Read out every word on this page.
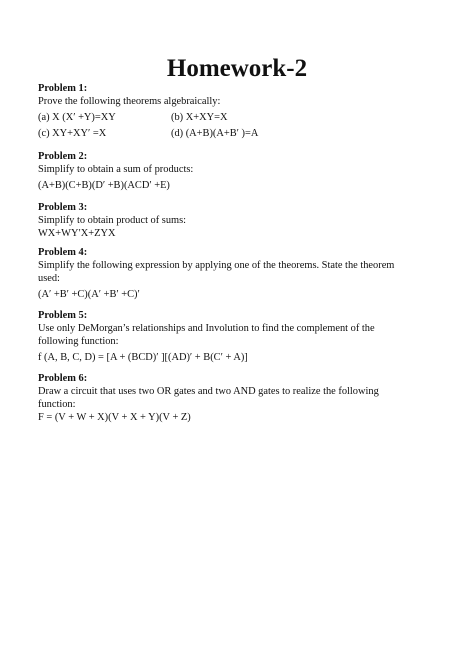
Homework-2
Problem 1:
Prove the following theorems algebraically:
(a) X (X′ +Y)=XY	(b) X+XY=X
(c) XY+XY′ =X	(d) (A+B)(A+B′ )=A
Problem 2:
Simplify to obtain a sum of products:
(A+B)(C+B)(D′ +B)(ACD′ +E)
Problem 3:
Simplify to obtain product of sums:
WX+WY′X+ZYX
Problem 4:
Simplify the following expression by applying one of the theorems. State the theorem
used:
(A′ +B′ +C)(A′ +B′ +C)′
Problem 5:
Use only DeMorgan’s relationships and Involution to find the complement of the
following function:
f (A, B, C, D) = [A + (BCD)′ ][(AD)′ + B(C′ + A)]
Problem 6:
Draw a circuit that uses two OR gates and two AND gates to realize the following
function:
F = (V + W + X)(V + X + Y)(V + Z)
